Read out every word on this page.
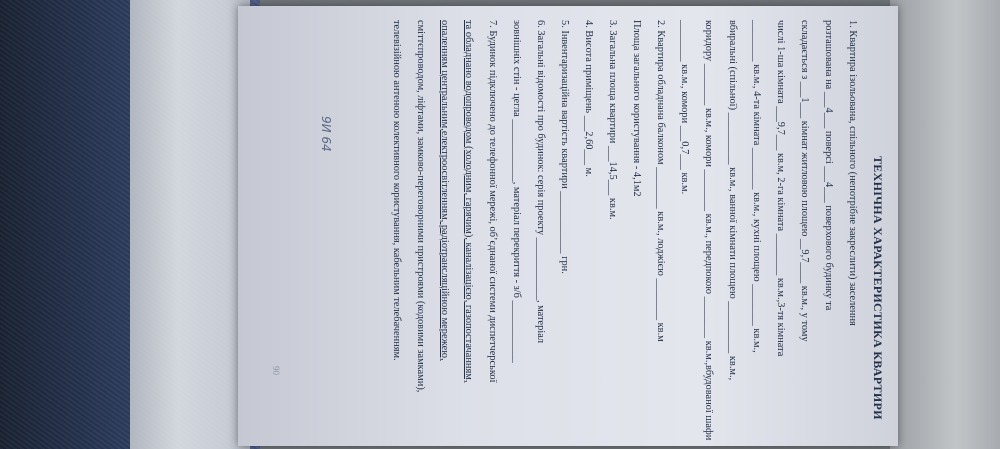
ТЕХНІЧНА ХАРАКТЕРИСТИКА КВАРТИРИ
1. Квартира ізольована, спільного (непотрібне закреслити) заселення
розташована на ___4___ поверсі ___4___ поверхового будинку та
складається з ___1___ кімнат житловою площею __9,7____ кв.м., у тому
числі 1-ша кімната ___9,7___ кв.м, 2-га кімната ________ кв.м.,3-тя кімната
________ кв.м., 4-та кімната ________ кв.м., кухні площею ________ кв.м.,
вбиральні (спільної) __________ кв.м., ванної кімнати площею __________ кв.м.,
коридору ________ кв.м., комори ________ кв.м., передпокою ________ кв.м.,вбудованої шафи
________ кв.м., комори ___0,7___ кв.м.
2. Квартира обладнана балконом ________ кв.м., лоджією ________ кв.м
Площа загального користування - 4,1м2
3. Загальна площа квартири ___14,5___ кв.м.
4. Висота приміщень ___2,60___ м.
5. Інвентаризаційна вартість квартири ____________ грн.
6. Загальні відомості про будинок: серія проекту ____________, матеріал
зовнішніх стін - цегла ____________, матеріал перекриття - з/б ____________
7. Будинок підключено до телефонної мережі, об’єднаної системи диспетчерської
та обладнано водопроводом (холодним, гарячим), каналізацією, газопостачанням,
опаленням центральним,електроосвітленням, радіотрансляційною мережею,
сміттєпроводом, ліфтами, замково-переговорними пристроями (кодовими замками),
телевізійною антеною колективного користування, кабельним телебаченням.
9И 64
90
